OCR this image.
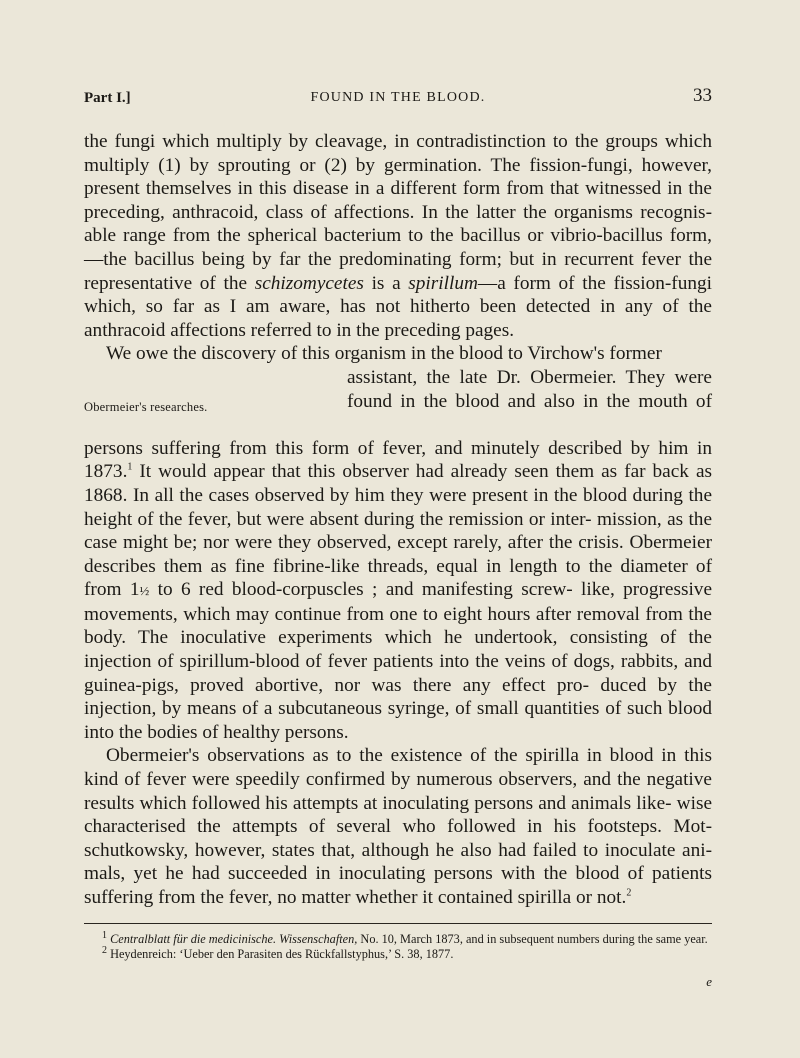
Part I.]	FOUND IN THE BLOOD.	33

the fungi which multiply by cleavage, in contradistinction to the groups which multiply (1) by sprouting or (2) by germination. The fission-fungi, however, present themselves in this disease in a different form from that witnessed in the preceding, anthracoid, class of affections. In the latter the organisms recognis- able range from the spherical bacterium to the bacillus or vibrio-bacillus form, —the bacillus being by far the predominating form; but in recurrent fever the representative of the schizomycetes is a spirillum—a form of the fission-fungi which, so far as I am aware, has not hitherto been detected in any of the anthracoid affections referred to in the preceding pages.

We owe the discovery of this organism in the blood to Virchow's former

Obermeier's researches.
assistant, the late Dr. Obermeier. They were
found in the blood and also in the mouth of

persons suffering from this form of fever, and minutely described by him in 1873.$^1$ It would appear that this observer had already seen them as far back as 1868. In all the cases observed by him they were present in the blood during the height of the fever, but were absent during the remission or inter- mission, as the case might be; nor were they observed, except rarely, after the crisis. Obermeier describes them as fine fibrine-like threads, equal in length to the diameter of from 1½ to 6 red blood-corpuscles ; and manifesting screw- like, progressive movements, which may continue from one to eight hours after removal from the body. The inoculative experiments which he undertook, consisting of the injection of spirillum-blood of fever patients into the veins of dogs, rabbits, and guinea-pigs, proved abortive, nor was there any effect pro- duced by the injection, by means of a subcutaneous syringe, of small quantities of such blood into the bodies of healthy persons.

Obermeier's observations as to the existence of the spirilla in blood in this kind of fever were speedily confirmed by numerous observers, and the negative results which followed his attempts at inoculating persons and animals like- wise characterised the attempts of several who followed in his footsteps. Mot- schutkowsky, however, states that, although he also had failed to inoculate ani- mals, yet he had succeeded in inoculating persons with the blood of patients suffering from the fever, no matter whether it contained spirilla or not.$^2$

$^1$ Centralblatt für die medicinische. Wissenschaften, No. 10, March 1873, and in subsequent numbers during the same year.

$^2$ Heydenreich: ‘Ueber den Parasiten des Rückfallstyphus,’ S. 38, 1877.

e
